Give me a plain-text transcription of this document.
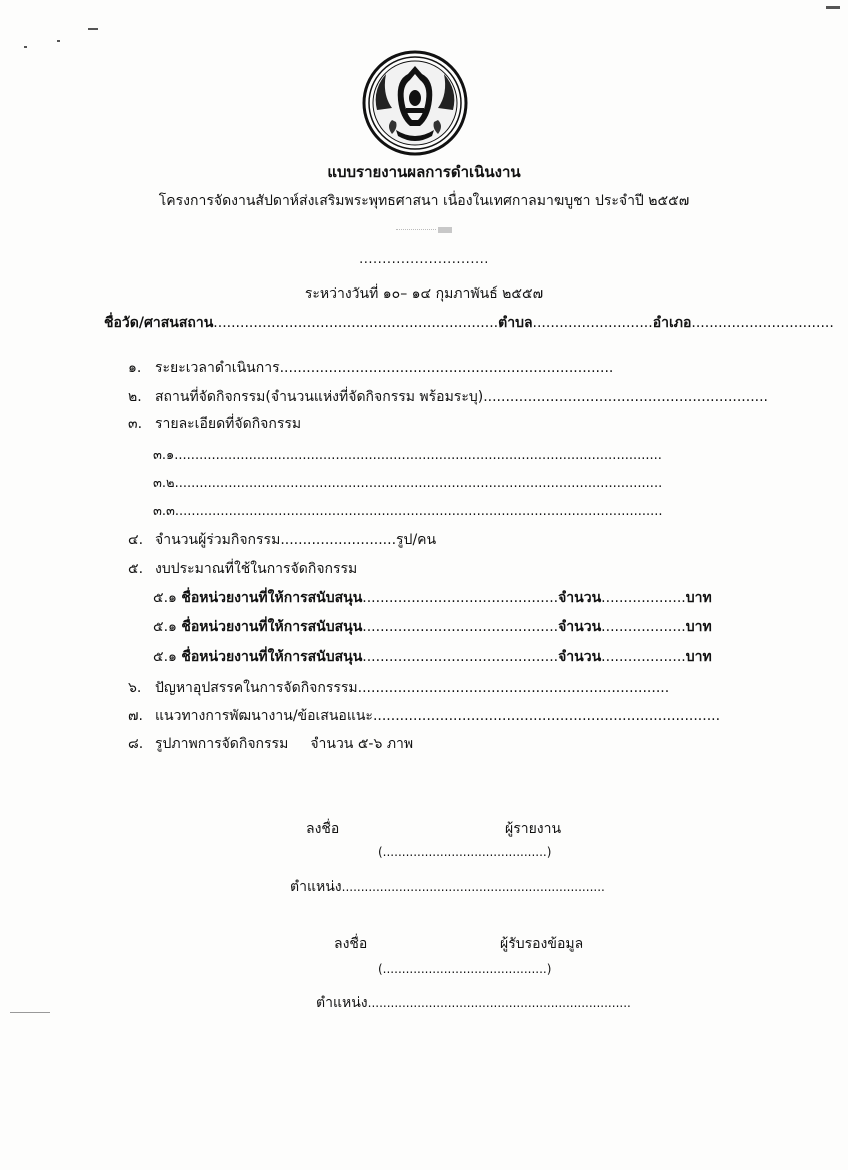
แบบรายงานผลการดำเนินงาน
โครงการจัดงานสัปดาห์ส่งเสริมพระพุทธศาสนา เนื่องในเทศกาลมาฆบูชา ประจำปี ๒๕๕๗

............................
ระหว่างวันที่ ๑๐– ๑๔ กุมภาพันธ์ ๒๕๕๗
ชื่อวัด/ศาสนสถาน................................................................ตำบล...........................อำเภอ................................
๑. ระยะเวลาดำเนินการ...........................................................................
๒. สถานที่จัดกิจกรรม(จำนวนแห่งที่จัดกิจกรรม พร้อมระบุ)................................................................
๓. รายละเอียดที่จัดกิจกรรม
๓.๑......................................................................................................................
๓.๒......................................................................................................................
๓.๓......................................................................................................................
๔. จำนวนผู้ร่วมกิจกรรม..........................รูป/คน
๕. งบประมาณที่ใช้ในการจัดกิจกรรม
๕.๑ ชื่อหน่วยงานที่ให้การสนับสนุน............................................จำนวน...................บาท
๕.๑ ชื่อหน่วยงานที่ให้การสนับสนุน............................................จำนวน...................บาท
๕.๑ ชื่อหน่วยงานที่ให้การสนับสนุน............................................จำนวน...................บาท
๖. ปัญหาอุปสรรคในการจัดกิจกรรรม......................................................................
๗. แนวทางการพัฒนางาน/ข้อเสนอแนะ..............................................................................
๘. รูปภาพการจัดกิจกรรม จำนวน ๕-๖ ภาพ
ลงชื่อ	ผู้รายงาน
(...........................................)
ตำแหน่ง.....................................................................
ลงชื่อ	ผู้รับรองข้อมูล
(...........................................)
ตำแหน่ง.....................................................................
